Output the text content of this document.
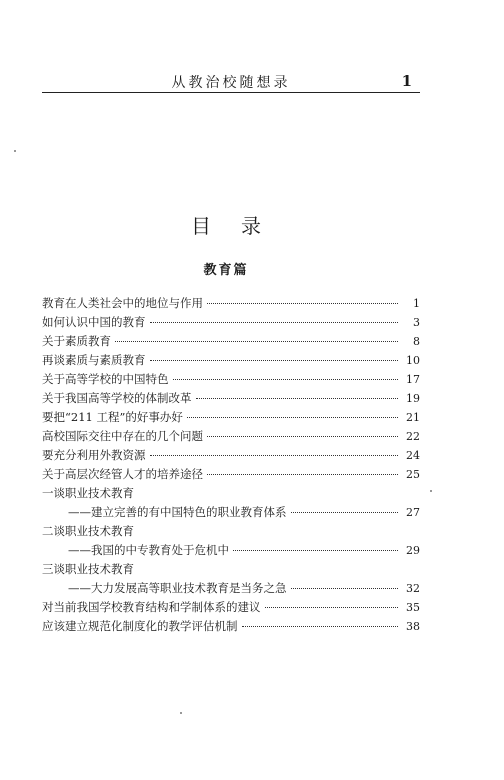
从教治校随想录	1
目录
教育篇
教育在人类社会中的地位与作用	1
如何认识中国的教育	3
关于素质教育	8
再谈素质与素质教育	10
关于高等学校的中国特色	17
关于我国高等学校的体制改革	19
要把“211 工程”的好事办好	21
高校国际交往中存在的几个问题	22
要充分利用外教资源	24
关于高层次经管人才的培养途径	25
一谈职业技术教育
——建立完善的有中国特色的职业教育体系	27
二谈职业技术教育
——我国的中专教育处于危机中	29
三谈职业技术教育
——大力发展高等职业技术教育是当务之急	32
对当前我国学校教育结构和学制体系的建议	35
应该建立规范化制度化的教学评估机制	38
